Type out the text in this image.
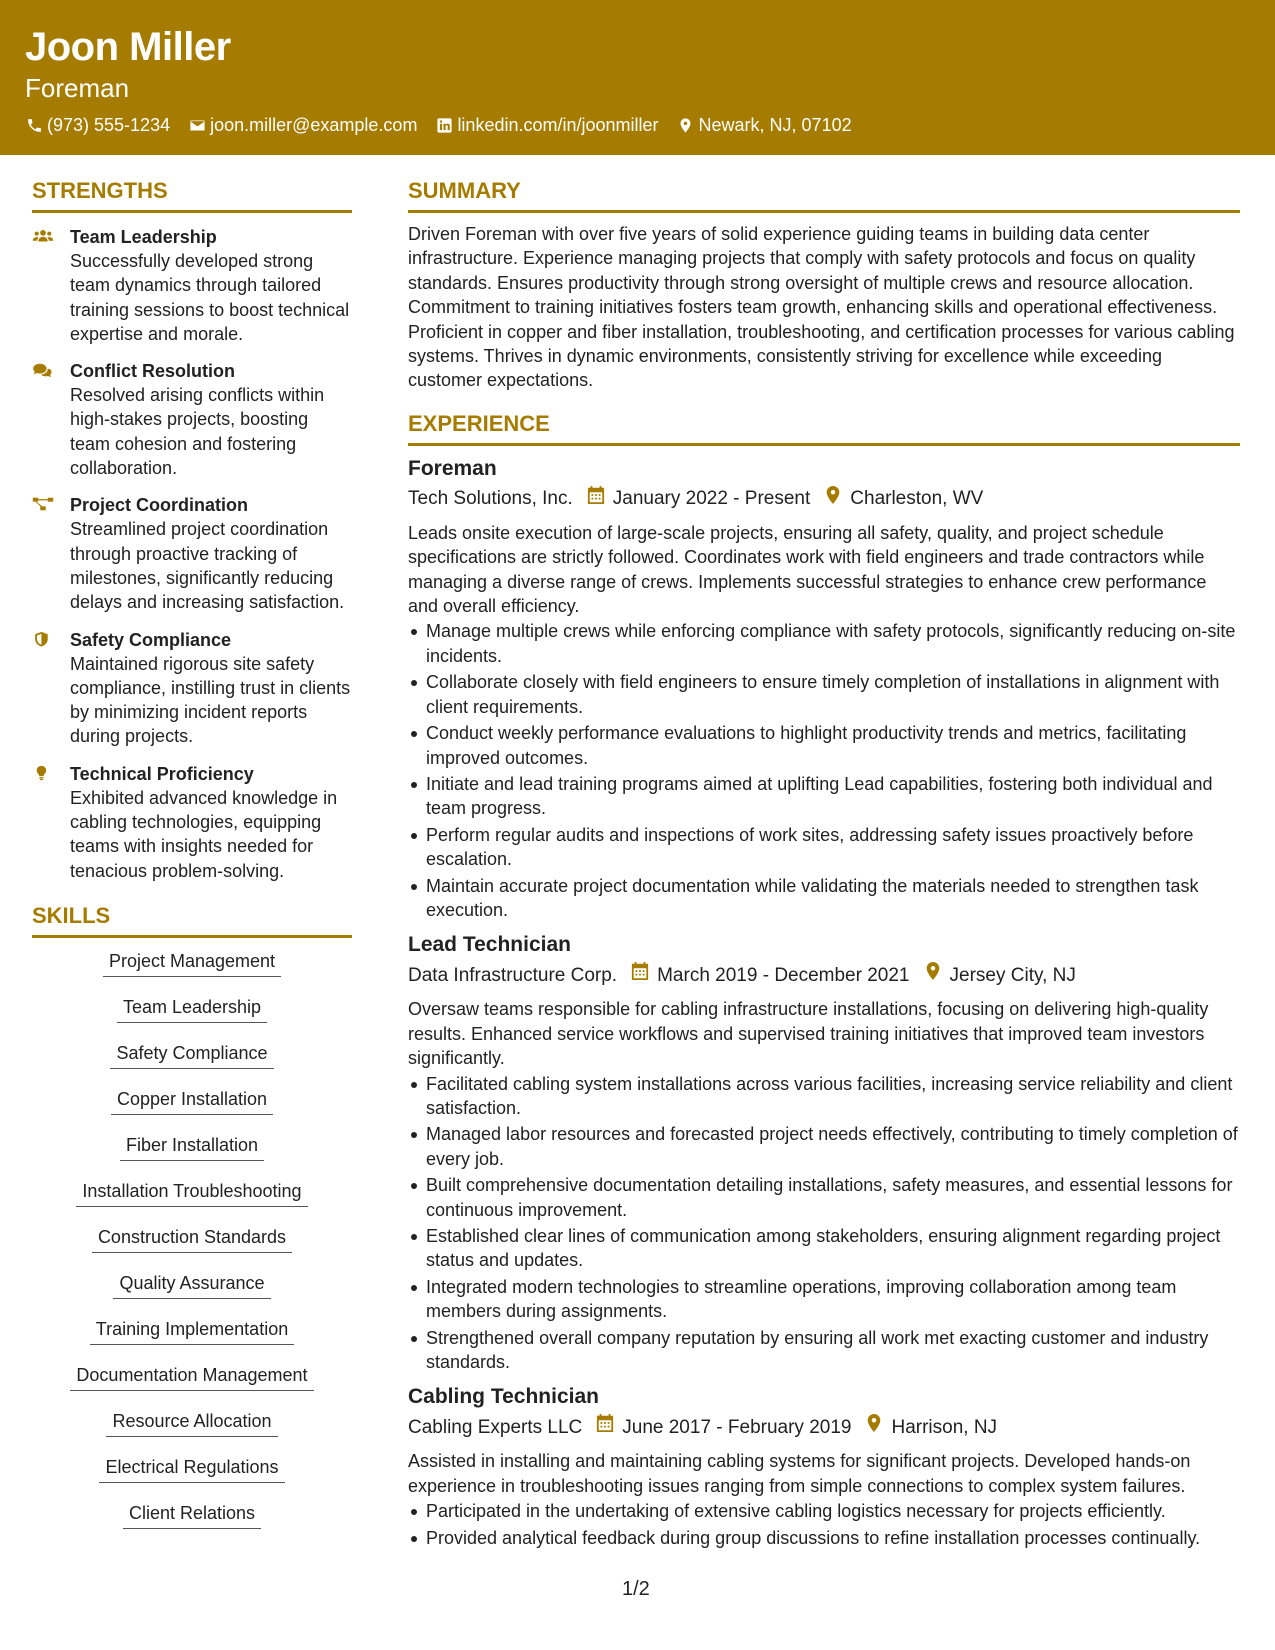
Joon Miller
Foreman
(973) 555-1234 joon.miller@example.com linkedin.com/in/joonmiller Newark, NJ, 07102
STRENGTHS
Team Leadership
Successfully developed strong team dynamics through tailored training sessions to boost technical expertise and morale.
Conflict Resolution
Resolved arising conflicts within high-stakes projects, boosting team cohesion and fostering collaboration.
Project Coordination
Streamlined project coordination through proactive tracking of milestones, significantly reducing delays and increasing satisfaction.
Safety Compliance
Maintained rigorous site safety compliance, instilling trust in clients by minimizing incident reports during projects.
Technical Proficiency
Exhibited advanced knowledge in cabling technologies, equipping teams with insights needed for tenacious problem-solving.
SKILLS
Project Management
Team Leadership
Safety Compliance
Copper Installation
Fiber Installation
Installation Troubleshooting
Construction Standards
Quality Assurance
Training Implementation
Documentation Management
Resource Allocation
Electrical Regulations
Client Relations
SUMMARY
Driven Foreman with over five years of solid experience guiding teams in building data center infrastructure. Experience managing projects that comply with safety protocols and focus on quality standards. Ensures productivity through strong oversight of multiple crews and resource allocation. Commitment to training initiatives fosters team growth, enhancing skills and operational effectiveness. Proficient in copper and fiber installation, troubleshooting, and certification processes for various cabling systems. Thrives in dynamic environments, consistently striving for excellence while exceeding customer expectations.
EXPERIENCE
Foreman
Tech Solutions, Inc. January 2022 - Present Charleston, WV
Leads onsite execution of large-scale projects, ensuring all safety, quality, and project schedule specifications are strictly followed. Coordinates work with field engineers and trade contractors while managing a diverse range of crews. Implements successful strategies to enhance crew performance and overall efficiency.
Manage multiple crews while enforcing compliance with safety protocols, significantly reducing on-site incidents.
Collaborate closely with field engineers to ensure timely completion of installations in alignment with client requirements.
Conduct weekly performance evaluations to highlight productivity trends and metrics, facilitating improved outcomes.
Initiate and lead training programs aimed at uplifting Lead capabilities, fostering both individual and team progress.
Perform regular audits and inspections of work sites, addressing safety issues proactively before escalation.
Maintain accurate project documentation while validating the materials needed to strengthen task execution.
Lead Technician
Data Infrastructure Corp. March 2019 - December 2021 Jersey City, NJ
Oversaw teams responsible for cabling infrastructure installations, focusing on delivering high-quality results. Enhanced service workflows and supervised training initiatives that improved team investors significantly.
Facilitated cabling system installations across various facilities, increasing service reliability and client satisfaction.
Managed labor resources and forecasted project needs effectively, contributing to timely completion of every job.
Built comprehensive documentation detailing installations, safety measures, and essential lessons for continuous improvement.
Established clear lines of communication among stakeholders, ensuring alignment regarding project status and updates.
Integrated modern technologies to streamline operations, improving collaboration among team members during assignments.
Strengthened overall company reputation by ensuring all work met exacting customer and industry standards.
Cabling Technician
Cabling Experts LLC June 2017 - February 2019 Harrison, NJ
Assisted in installing and maintaining cabling systems for significant projects. Developed hands-on experience in troubleshooting issues ranging from simple connections to complex system failures.
Participated in the undertaking of extensive cabling logistics necessary for projects efficiently.
Provided analytical feedback during group discussions to refine installation processes continually.
1/2
